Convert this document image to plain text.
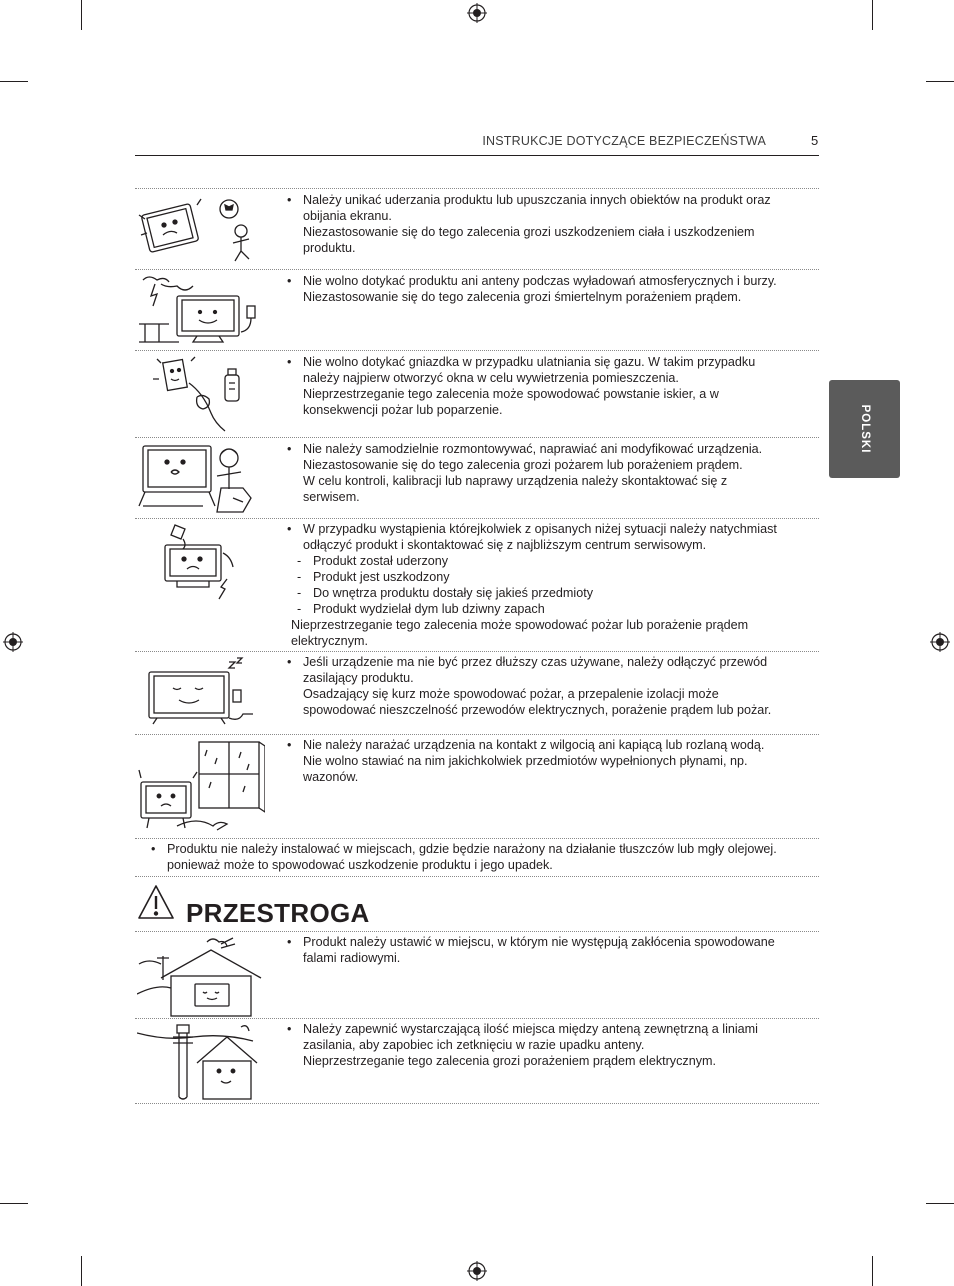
INSTRUKCJE DOTYCZĄCE BEZPIECZEŃSTWA	5
POLSKI
• Należy unikać uderzania produktu lub upuszczania innych obiektów na produkt oraz

obijania ekranu.

Niezastosowanie się do tego zalecenia grozi uszkodzeniem ciała i uszkodzeniem

produktu.

• Nie wolno dotykać produktu ani anteny podczas wyładowań atmosferycznych i burzy.

Niezastosowanie się do tego zalecenia grozi śmiertelnym porażeniem prądem.

• Nie wolno dotykać gniazdka w przypadku ulatniania się gazu. W takim przypadku

należy najpierw otworzyć okna w celu wywietrzenia pomieszczenia.

Nieprzestrzeganie tego zalecenia może spowodować powstanie iskier, a w

konsekwencji pożar lub poparzenie.

• Nie należy samodzielnie rozmontowywać, naprawiać ani modyfikować urządzenia.

Niezastosowanie się do tego zalecenia grozi pożarem lub porażeniem prądem.

W celu kontroli, kalibracji lub naprawy urządzenia należy skontaktować się z

serwisem.

• W przypadku wystąpienia którejkolwiek z opisanych niżej sytuacji należy natychmiast

odłączyć produkt i skontaktować się z najbliższym centrum serwisowym.

- Produkt został uderzony

- Produkt jest uszkodzony

- Do wnętrza produktu dostały się jakieś przedmioty

- Produkt wydzielał dym lub dziwny zapach

Nieprzestrzeganie tego zalecenia może spowodować pożar lub porażenie prądem

elektrycznym.

• Jeśli urządzenie ma nie być przez dłuższy czas używane, należy odłączyć przewód

zasilający produktu.

Osadzający się kurz może spowodować pożar, a przepalenie izolacji może

spowodować nieszczelność przewodów elektrycznych, porażenie prądem lub pożar.

• Nie należy narażać urządzenia na kontakt z wilgocią ani kapiącą lub rozlaną wodą.

Nie wolno stawiać na nim jakichkolwiek przedmiotów wypełnionych płynami, np.

wazonów.

• Produktu nie należy instalować w miejscach, gdzie będzie narażony na działanie tłuszczów lub mgły olejowej.

ponieważ może to spowodować uszkodzenie produktu i jego upadek.

PRZESTROGA
• Produkt należy ustawić w miejscu, w którym nie występują zakłócenia spowodowane

falami radiowymi.

• Należy zapewnić wystarczającą ilość miejsca między anteną zewnętrzną a liniami

zasilania, aby zapobiec ich zetknięciu w razie upadku anteny.

Nieprzestrzeganie tego zalecenia grozi porażeniem prądem elektrycznym.
